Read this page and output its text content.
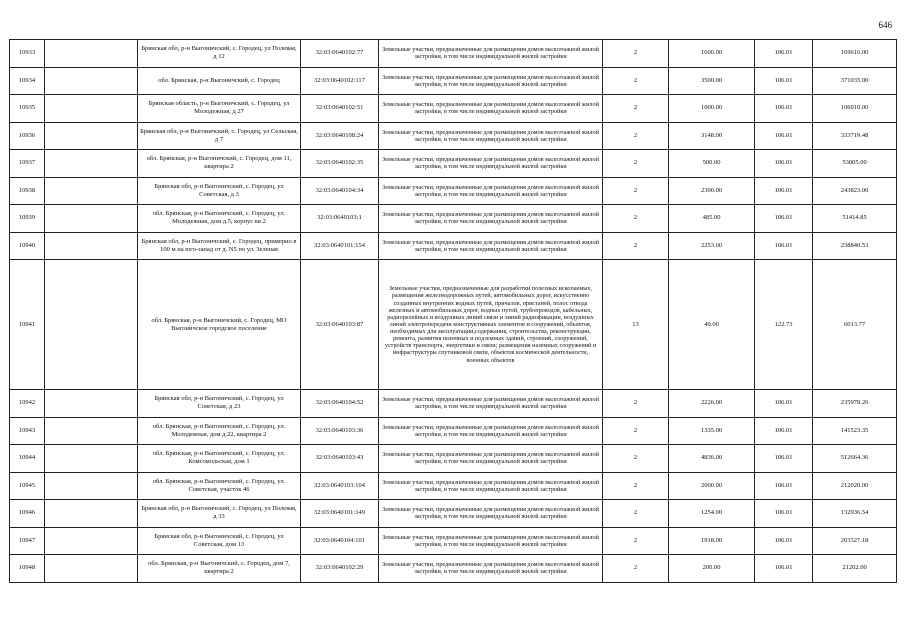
646
10933		Брянская обл, р-н Выгоничский, с. Городец, ул Полевая, д 12	32:03:0640102:77	Земельные участки, предназначенные для размещения домов малоэтажной жилой застройки, в том числе индивидуальной жилой застройки	2	1600.00	106.01	169616.00
10934		обл. Брянская, р-н Выгоничский, с. Городец	32:03:0640102:117	Земельные участки, предназначенные для размещения домов малоэтажной жилой застройки, в том числе индивидуальной жилой застройки	2	3500.00	106.01	371035.00
10935		Брянская область, р-н Выгоничский, с. Городец, ул Молодежная, д 27	32:03:0640102:51	Земельные участки, предназначенные для размещения домов малоэтажной жилой застройки, в том числе индивидуальной жилой застройки	2	1000.00	106.01	106010.00
10936		Брянская обл, р-н Выгоничский, с. Городец, ул Сельская, д 7	32:03:0640108:24	Земельные участки, предназначенные для размещения домов малоэтажной жилой застройки, в том числе индивидуальной жилой застройки	2	3148.00	106.01	333719.48
10937		обл. Брянская, р-н Выгоничский, с. Городец, дом 11, квартира 2	32:03:0640102:35	Земельные участки, предназначенные для размещения домов малоэтажной жилой застройки, в том числе индивидуальной жилой застройки	2	500.00	106.01	53005.00
10938		Брянская обл, р-н Выгоничский, с. Городец, ул Советская, д 3	32:03:0640104:34	Земельные участки, предназначенные для размещения домов малоэтажной жилой застройки, в том числе индивидуальной жилой застройки	2	2300.00	106.01	243823.00
10939		обл. Брянская, р-н Выгоничский, с. Городец, ул. Молодежная, дом д.5, корпус кв.2	32:03:0640103:1	Земельные участки, предназначенные для размещения домов малоэтажной жилой застройки, в том числе индивидуальной жилой застройки	2	485.00	106.01	51414.85
10940		Брянская обл, р-н Выгоничский, с. Городец, примерно в 100 м на юго-запад от д. N5 по ул. Зеленая	32:03:0640101:154	Земельные участки, предназначенные для размещения домов малоэтажной жилой застройки, в том числе индивидуальной жилой застройки	2	2253.00	106.01	238840.53
10941		обл. Брянская, р-н Выгоничский, с. Городец, МО Выгоничское городское поселение	32:03:0640103:87	Земельные участки, предназначенные для разработки полезных ископаемых, размещения железнодорожных путей, автомобильных дорог, искусственно созданных внутренних водных путей, причалов, пристаней, полос отвода железных и автомобильных дорог, водных путей, трубопроводов, кабельных, радиорелейных и воздушных линий связи и линий радиофикации, воздушных линий электропередачи конструктивных элементов и сооружений, объектов, необходимых для эксплуатации,содержания, строительства, реконструкции, ремонта, развития наземных и подземных зданий, строений, сооружений, устройств транспорта, энергетики и связи; размещения наземных сооружений и инфраструктуры спутниковой связи, объектов космической деятельности, военных объектов	13	49.00	122.73	6013.77
10942		Брянская обл, р-н Выгоничский, с. Городец, ул Советская, д 23	32:03:0640104:52	Земельные участки, предназначенные для размещения домов малоэтажной жилой застройки, в том числе индивидуальной жилой застройки	2	2226.00	106.01	235978.26
10943		обл. Брянская, р-н Выгоничский, с. Городец, ул. Молодежная, дом д.22, квартира 2	32:03:0640103:36	Земельные участки, предназначенные для размещения домов малоэтажной жилой застройки, в том числе индивидуальной жилой застройки	2	1335.00	106.01	141523.35
10944		обл. Брянская, р-н Выгоничский, с. Городец, ул. Комсомольская, дом 1	32:03:0640103:43	Земельные участки, предназначенные для размещения домов малоэтажной жилой застройки, в том числе индивидуальной жилой застройки	2	4836.00	106.01	512664.36
10945		обл. Брянская, р-н Выгоничский, с. Городец, ул. Советская, участок 46	32:03:0640103:104	Земельные участки, предназначенные для размещения домов малоэтажной жилой застройки, в том числе индивидуальной жилой застройки	2	2000.00	106.01	212020.00
10946		Брянская обл, р-н Выгоничский, с. Городец, ул Полевая, д 33	32:03:0640101:149	Земельные участки, предназначенные для размещения домов малоэтажной жилой застройки, в том числе индивидуальной жилой застройки	2	1254.00	106.01	132936.54
10947		Брянская обл, р-н Выгоничский, с. Городец, ул Советская, дом 13	32:03:0640104:101	Земельные участки, предназначенные для размещения домов малоэтажной жилой застройки, в том числе индивидуальной жилой застройки	2	1918.00	106.01	203327.18
10948		обл. Брянская, р-н Выгоничский, с. Городец, дом 7, квартира 2	32:03:0640102:29	Земельные участки, предназначенные для размещения домов малоэтажной жилой застройки, в том числе индивидуальной жилой застройки	2	200.00	106.01	21202.00
